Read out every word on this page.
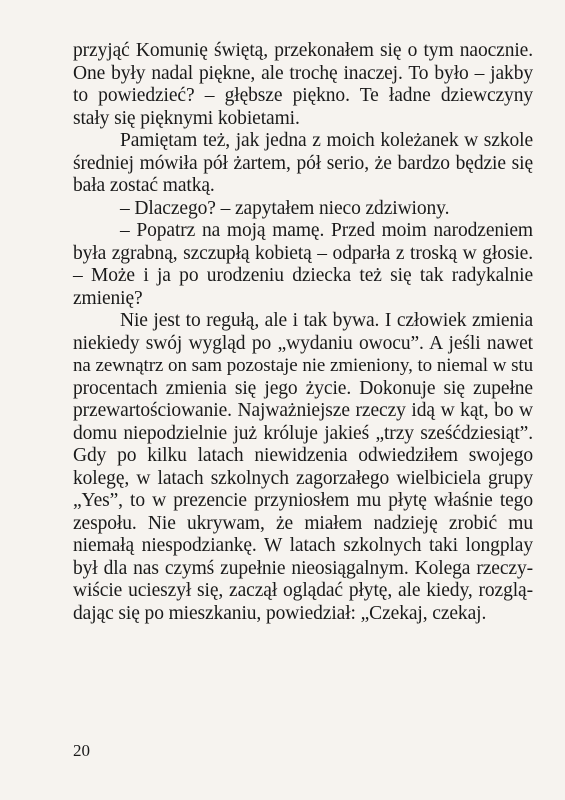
przyjąć Komunię świętą, przekonałem się o tym naocznie.
One były nadal piękne, ale trochę inaczej. To było – jakby
to powiedzieć? – głębsze piękno. Te ładne dziewczyny
stały się pięknymi kobietami.
Pamiętam też, jak jedna z moich koleżanek w szkole
średniej mówiła pół żartem, pół serio, że bardzo będzie się
bała zostać matką.
– Dlaczego? – zapytałem nieco zdziwiony.
– Popatrz na moją mamę. Przed moim narodzeniem
była zgrabną, szczupłą kobietą – odparła z troską w głosie.
– Może i ja po urodzeniu dziecka też się tak radykalnie
zmienię?
Nie jest to regułą, ale i tak bywa. I człowiek zmienia
niekiedy swój wygląd po „wydaniu owocu”. A jeśli nawet
na zewnątrz on sam pozostaje nie zmieniony, to niemal w stu
procentach zmienia się jego życie. Dokonuje się zupełne
przewartościowanie. Najważniejsze rzeczy idą w kąt, bo w
domu niepodzielnie już króluje jakieś „trzy sześćdziesiąt”.
Gdy po kilku latach niewidzenia odwiedziłem swojego
kolegę, w latach szkolnych zagorzałego wielbiciela grupy
„Yes”, to w prezencie przyniosłem mu płytę właśnie tego
zespołu. Nie ukrywam, że miałem nadzieję zrobić mu
niemałą niespodziankę. W latach szkolnych taki longplay
był dla nas czymś zupełnie nieosiągalnym. Kolega rzeczy-
wiście ucieszył się, zaczął oglądać płytę, ale kiedy, rozglą-
dając się po mieszkaniu, powiedział: „Czekaj, czekaj.
20
